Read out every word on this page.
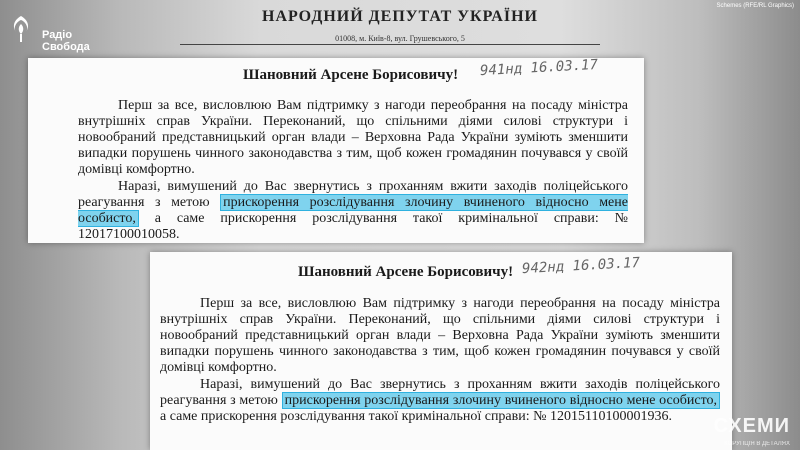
НАРОДНИЙ ДЕПУТАТ УКРАЇНИ
01008, м. Київ-8, вул. Грушевського, 5
Радіо
Свобода
Schemes (RFE/RL Graphics)
Шановний Арсене Борисовичу! 941нд 16.03.17
Перш за все, висловлюю Вам підтримку з нагоди переобрання на посаду міністра внутрішніх справ України. Переконаний, що спільними діями силові структури і новообраний представницький орган влади – Верховна Рада України зуміють зменшити випадки порушень чинного законодавства з тим, щоб кожен громадянин почувався у своїй домівці комфортно.
Наразі, вимушений до Вас звернутись з проханням вжити заходів поліцейського реагування з метою прискорення розслідування злочину вчиненого відносно мене особисто, а саме прискорення розслідування такої кримінальної справи: № 12017100010058.
Шановний Арсене Борисовичу! 942нд 16.03.17
Перш за все, висловлюю Вам підтримку з нагоди переобрання на посаду міністра внутрішніх справ України. Переконаний, що спільними діями силові структури і новообраний представницький орган влади – Верховна Рада України зуміють зменшити випадки порушень чинного законодавства з тим, щоб кожен громадянин почувався у своїй домівці комфортно.
Наразі, вимушений до Вас звернутись з проханням вжити заходів поліцейського реагування з метою прискорення розслідування злочину вчиненого відносно мене особисто, а саме прискорення розслідування такої кримінальної справи: № 12015110100001936.	СХЕМИ
КОРУПЦІЯ В ДЕТАЛЯХ
